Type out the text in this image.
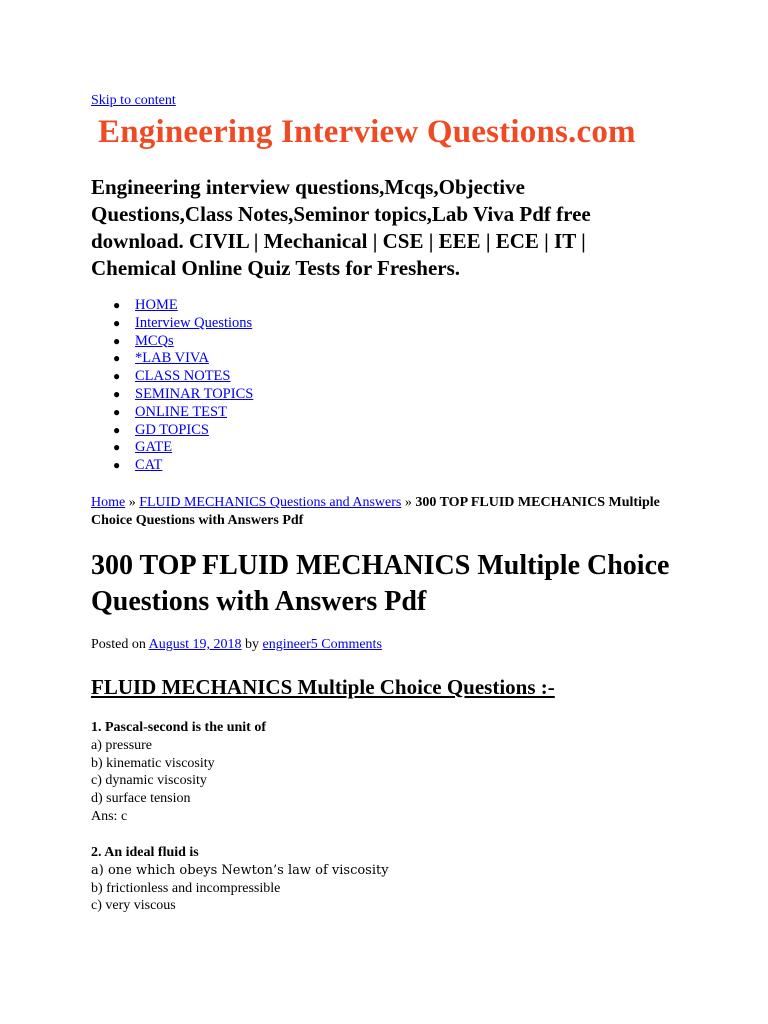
Skip to content
Engineering Interview Questions.com
Engineering interview questions,Mcqs,Objective Questions,Class Notes,Seminor topics,Lab Viva Pdf free download. CIVIL | Mechanical | CSE | EEE | ECE | IT | Chemical Online Quiz Tests for Freshers.
● HOME
● Interview Questions
● MCQs
● *LAB VIVA
● CLASS NOTES
● SEMINAR TOPICS
● ONLINE TEST
● GD TOPICS
● GATE
● CAT
Home » FLUID MECHANICS Questions and Answers » 300 TOP FLUID MECHANICS Multiple Choice Questions with Answers Pdf
300 TOP FLUID MECHANICS Multiple Choice Questions with Answers Pdf
Posted on August 19, 2018 by engineer5 Comments
FLUID MECHANICS Multiple Choice Questions :-
1. Pascal-second is the unit of
a) pressure
b) kinematic viscosity
c) dynamic viscosity
d) surface tension
Ans: c
2. An ideal fluid is
a) one which obeys Newton’s law of viscosity
b) frictionless and incompressible
c) very viscous
